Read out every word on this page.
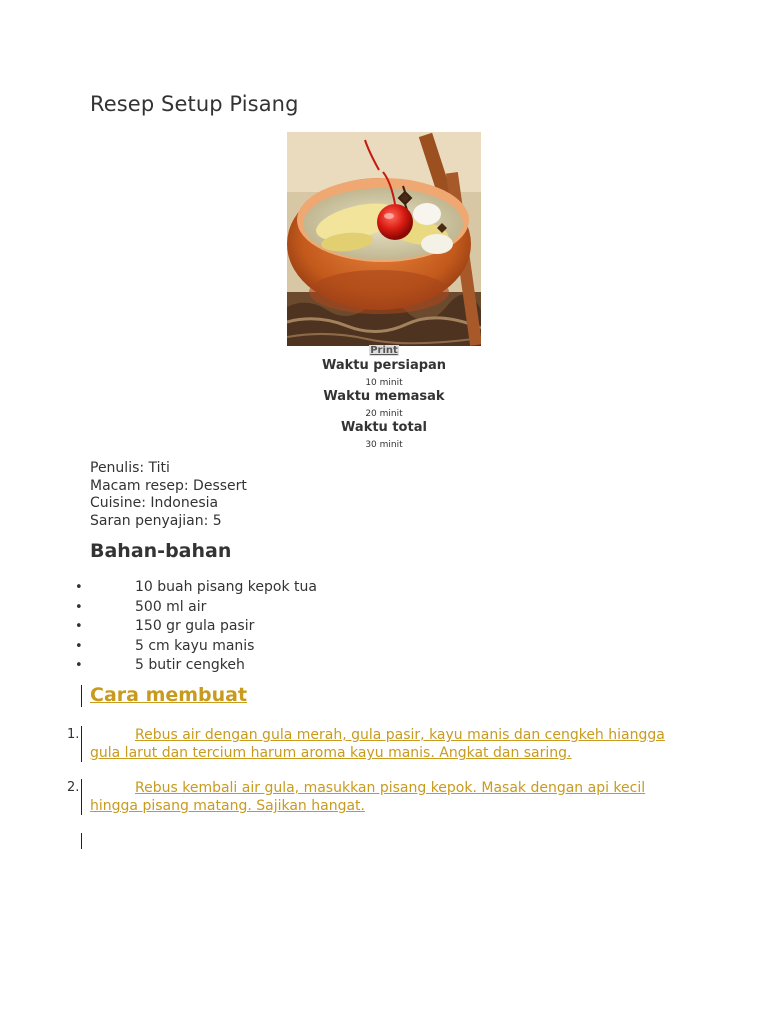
Resep Setup Pisang
Print
Waktu persiapan
10 minit
Waktu memasak
20 minit
Waktu total
30 minit
Penulis: Titi
Macam resep: Dessert
Cuisine: Indonesia
Saran penyajian: 5
Bahan-bahan
•	10 buah pisang kepok tua
•	500 ml air
•	150 gr gula pasir
•	5 cm kayu manis
•	5 butir cengkeh
Cara membuat
1.	Rebus air dengan gula merah, gula pasir, kayu manis dan cengkeh hiangga gula larut dan tercium harum aroma kayu manis. Angkat dan saring.
2.	Rebus kembali air gula, masukkan pisang kepok. Masak dengan api kecil hingga pisang matang. Sajikan hangat.
